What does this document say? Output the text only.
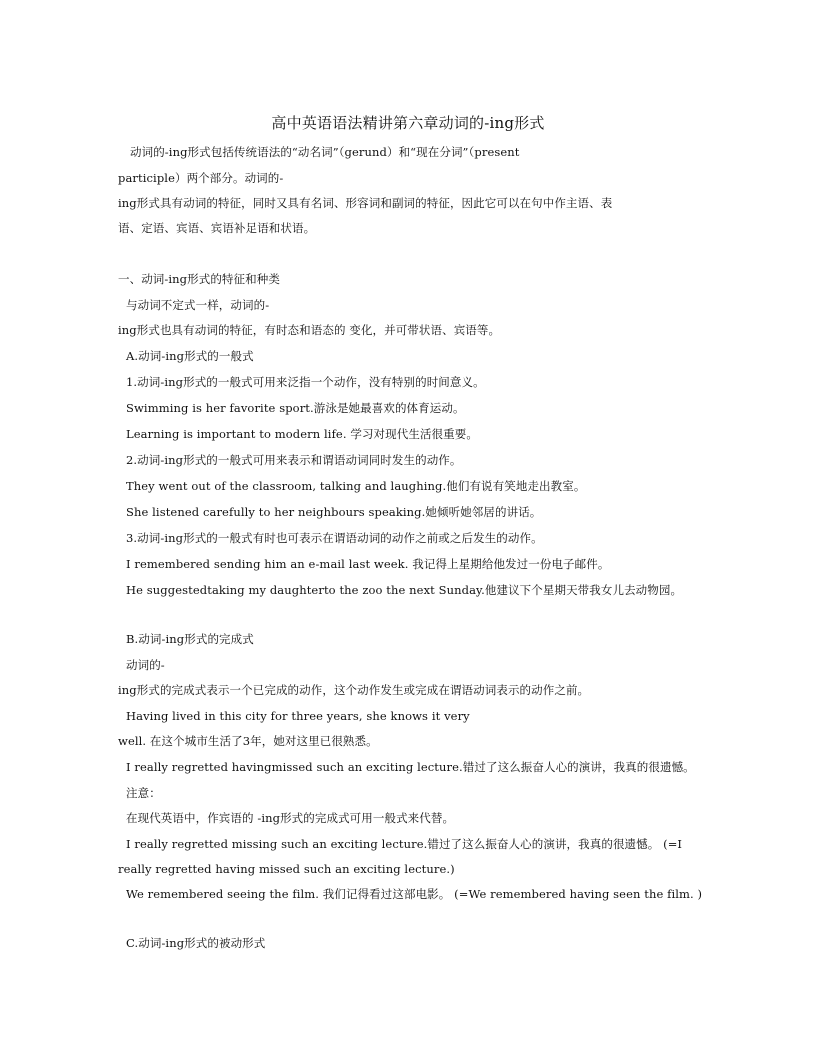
高中英语语法精讲第六章动词的-ing形式
动词的-ing形式包括传统语法的“动名词”（gerund）和“现在分词”（present
participle）两个部分。动词的-
ing形式具有动词的特征，同时又具有名词、形容词和副词的特征，因此它可以在句中作主语、表
语、定语、宾语、宾语补足语和状语。
一、动词-ing形式的特征和种类
与动词不定式一样，动词的-
ing形式也具有动词的特征，有时态和语态的 变化，并可带状语、宾语等。
A.动词-ing形式的一般式
1.动词-ing形式的一般式可用来泛指一个动作，没有特别的时间意义。
Swimming is her favorite sport.游泳是她最喜欢的体育运动。
Learning is important to modern life. 学习对现代生活很重要。
2.动词-ing形式的一般式可用来表示和谓语动词同时发生的动作。
They went out of the classroom, talking and laughing.他们有说有笑地走出教室。
She listened carefully to her neighbours speaking.她倾听她邻居的讲话。
3.动词-ing形式的一般式有时也可表示在谓语动词的动作之前或之后发生的动作。
I remembered sending him an e-mail last week. 我记得上星期给他发过一份电子邮件。
He suggestedtaking my daughterto the zoo the next Sunday.他建议下个星期天带我女儿去动物园。
B.动词-ing形式的完成式
动词的-
ing形式的完成式表示一个已完成的动作，这个动作发生或完成在谓语动词表示的动作之前。
Having lived in this city for three years, she knows it very
well. 在这个城市生活了3年，她对这里已很熟悉。
I really regretted havingmissed such an exciting lecture.错过了这么振奋人心的演讲，我真的很遗憾。
注意：
在现代英语中，作宾语的 -ing形式的完成式可用一般式来代替。
I really regretted missing such an exciting lecture.错过了这么振奋人心的演讲，我真的很遗憾。 (=I
really regretted having missed such an exciting lecture.)
We remembered seeing the film. 我们记得看过这部电影。 (=We remembered having seen the film. )
C.动词-ing形式的被动形式
